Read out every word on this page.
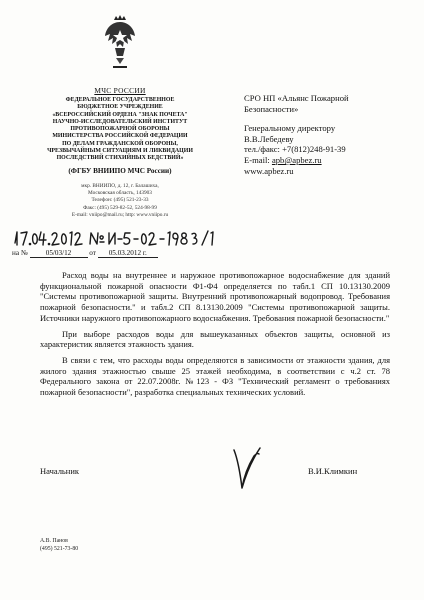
МЧС РОССИИ
ФЕДЕРАЛЬНОЕ ГОСУДАРСТВЕННОЕ
БЮДЖЕТНОЕ УЧРЕЖДЕНИЕ
«ВСЕРОССИЙСКИЙ ОРДЕНА "ЗНАК ПОЧЕТА"
НАУЧНО-ИССЛЕДОВАТЕЛЬСКИЙ ИНСТИТУТ
ПРОТИВОПОЖАРНОЙ ОБОРОНЫ
МИНИСТЕРСТВА РОССИЙСКОЙ ФЕДЕРАЦИИ
ПО ДЕЛАМ ГРАЖДАНСКОЙ ОБОРОНЫ,
ЧРЕЗВЫЧАЙНЫМ СИТУАЦИЯМ И ЛИКВИДАЦИИ
ПОСЛЕДСТВИЙ СТИХИЙНЫХ БЕДСТВИЙ»
(ФГБУ ВНИИПО МЧС России)
мкр. ВНИИПО, д. 12, г. Балашиха,
Московская область, 143903
Телефон: (495) 521-23-33
Факс: (495) 529-82-52, 524-98-99
E-mail: vniipo@mail.ru; http: www.vniipo.ru
на №	05/03/12	от 05.03.2012 г.

СРО НП «Альянс Пожарной

Безопасности»

Генеральному директору

В.В.Лебедеву

тел./факс: +7(812)248-91-39

E-mail: apb@apbez.ru

www.apbez.ru

Расход воды на внутреннее и наружное противопожарное водоснабжение для зданий функциональной пожарной опасности Ф1-Ф4 определяется по табл.1 СП 10.13130.2009 "Системы противопожарной защиты. Внутренний противопожарный водопровод. Требования пожарной безопасности." и табл.2 СП 8.13130.2009 "Системы противопожарной защиты. Источники наружного противопожарного водоснабжения. Требования пожарной безопасности."

При выборе расходов воды для вышеуказанных объектов защиты, основной из характеристик является этажность здания.

В связи с тем, что расходы воды определяются в зависимости от этажности здания, для жилого здания этажностью свыше 25 этажей необходима, в соответствии с ч.2 ст. 78 Федерального закона от 22.07.2008г. №123 - ФЗ "Технический регламент о требованиях пожарной безопасности", разработка специальных технических условий.

Начальник	В.И.Климкин
А.В. Панов
(495) 521-73-80
